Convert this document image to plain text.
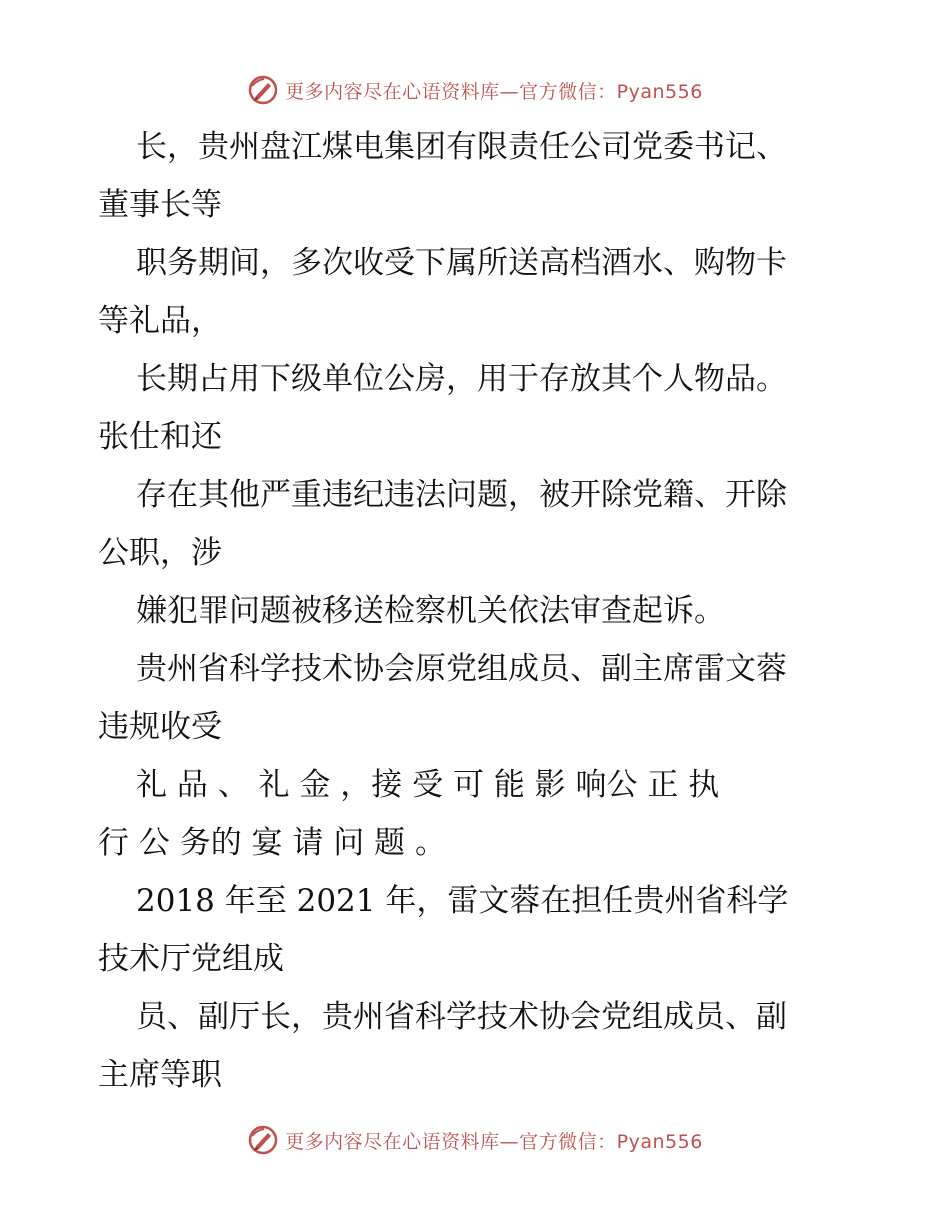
更多内容尽在心语资料库—官方微信：Pyan556
长，贵州盘江煤电集团有限责任公司党委书记、
董事长等
职务期间，多次收受下属所送高档酒水、购物卡
等礼品，
长期占用下级单位公房，用于存放其个人物品。
张仕和还
存在其他严重违纪违法问题，被开除党籍、开除
公职，涉
嫌犯罪问题被移送检察机关依法审查起诉。
贵州省科学技术协会原党组成员、副主席雷文蓉
违规收受
礼 品 、 礼 金 ，接 受 可 能 影 响公 正 执
行 公 务的 宴 请 问 题 。
2018 年至 2021 年，雷文蓉在担任贵州省科学
技术厅党组成
员、副厅长，贵州省科学技术协会党组成员、副
主席等职
更多内容尽在心语资料库—官方微信：Pyan556
